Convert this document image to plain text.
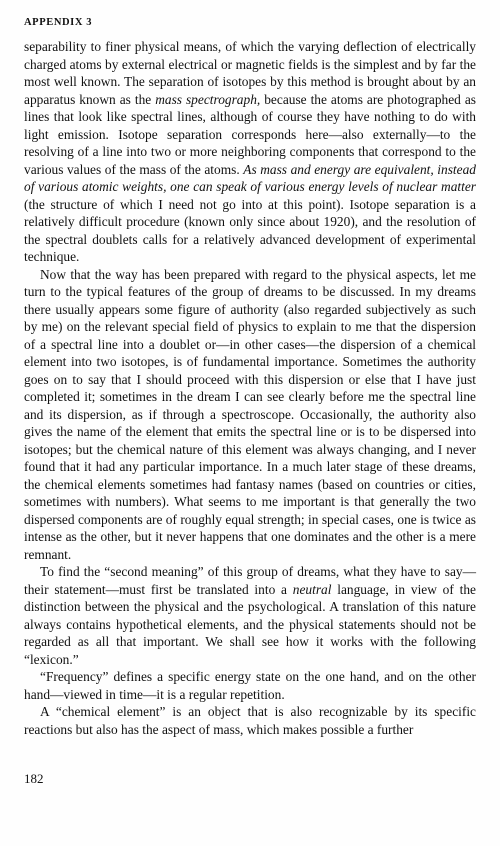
APPENDIX 3

separability to finer physical means, of which the varying deflection of electrically charged atoms by external electrical or magnetic fields is the simplest and by far the most well known. The separation of isotopes by this method is brought about by an apparatus known as the mass spectrograph, because the atoms are photographed as lines that look like spectral lines, although of course they have nothing to do with light emission. Isotope separation corresponds here—also externally—to the resolving of a line into two or more neighboring components that correspond to the various values of the mass of the atoms. As mass and energy are equivalent, instead of various atomic weights, one can speak of various energy levels of nuclear matter (the structure of which I need not go into at this point). Isotope separation is a relatively difficult procedure (known only since about 1920), and the resolution of the spectral doublets calls for a relatively advanced development of experimental technique.

Now that the way has been prepared with regard to the physical aspects, let me turn to the typical features of the group of dreams to be discussed. In my dreams there usually appears some figure of authority (also regarded subjectively as such by me) on the relevant special field of physics to explain to me that the dispersion of a spectral line into a doublet or—in other cases—the dispersion of a chemical element into two isotopes, is of fundamental importance. Sometimes the authority goes on to say that I should proceed with this dispersion or else that I have just completed it; sometimes in the dream I can see clearly before me the spectral line and its dispersion, as if through a spectroscope. Occasionally, the authority also gives the name of the element that emits the spectral line or is to be dispersed into isotopes; but the chemical nature of this element was always changing, and I never found that it had any particular importance. In a much later stage of these dreams, the chemical elements sometimes had fantasy names (based on countries or cities, sometimes with numbers). What seems to me important is that generally the two dispersed components are of roughly equal strength; in special cases, one is twice as intense as the other, but it never happens that one dominates and the other is a mere remnant.

To find the “second meaning” of this group of dreams, what they have to say—their statement—must first be translated into a neutral language, in view of the distinction between the physical and the psychological. A translation of this nature always contains hypothetical elements, and the physical statements should not be regarded as all that important. We shall see how it works with the following “lexicon.”

“Frequency” defines a specific energy state on the one hand, and on the other hand—viewed in time—it is a regular repetition.

A “chemical element” is an object that is also recognizable by its specific reactions but also has the aspect of mass, which makes possible a further

182
